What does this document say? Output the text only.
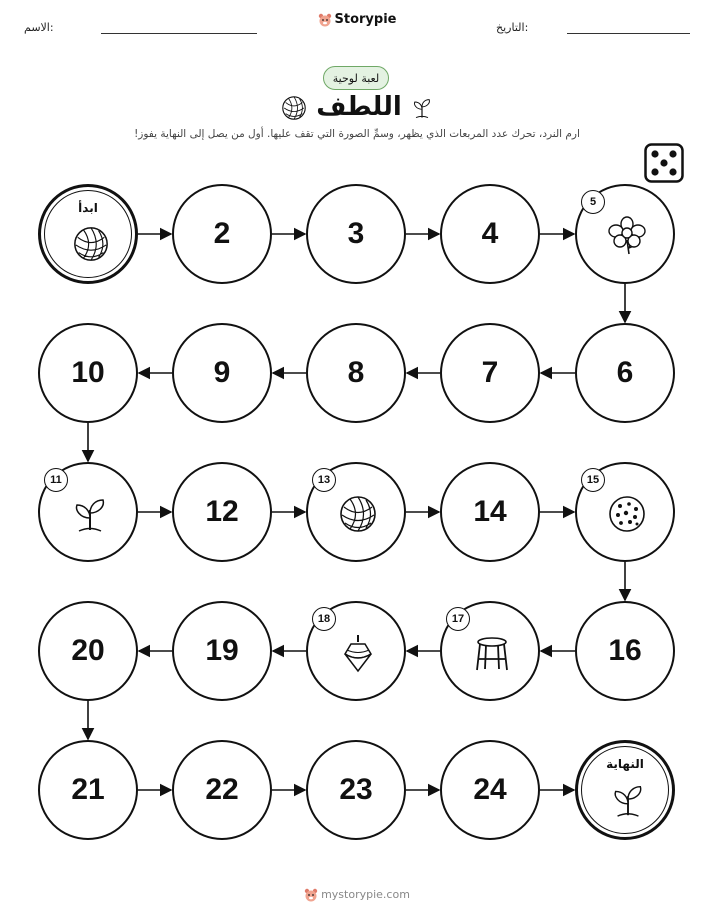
الاسم:
Storypie
التاريخ:
لعبة لوحية
اللطف
ارم النرد، تحرك عدد المربعات الذي يظهر، وسمِّ الصورة التي تقف عليها. أول من يصل إلى النهاية يفوز!
ابدأ
2	3	4
5
6
7
8
9
10
11
12
13
14
15
16
17
18
19
20
21	22	23	24
النهاية
mystorypie.com
